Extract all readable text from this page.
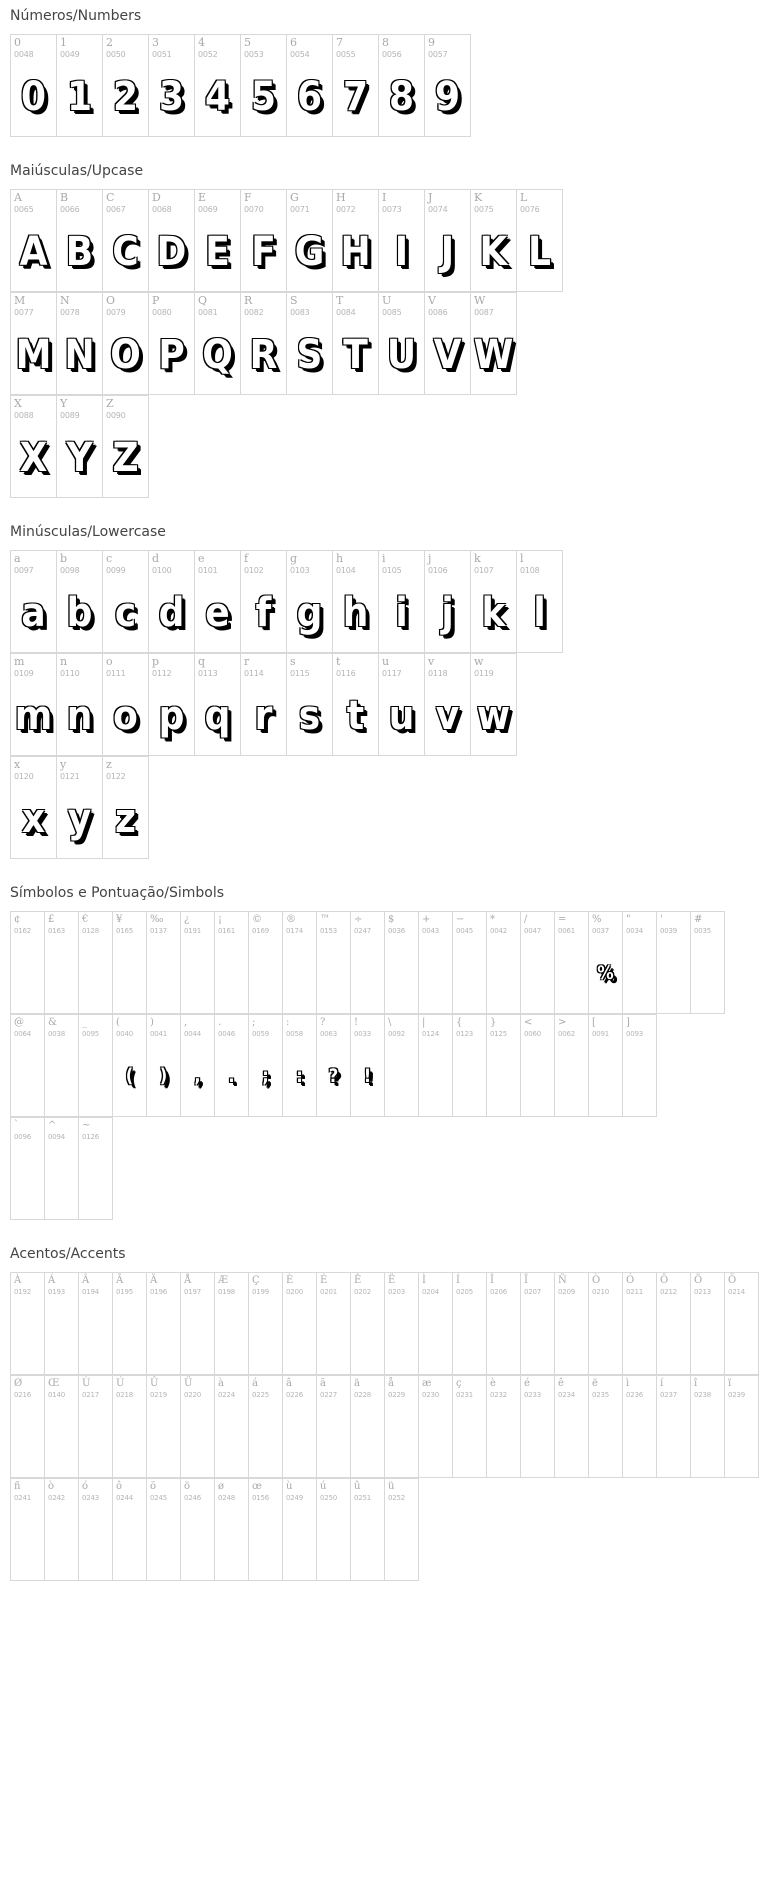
Números/Numbers
0
0048
0
1
0049
1
2
0050
2
3
0051
3
4
0052
4
5
0053
5
6
0054
6
7
0055
7
8
0056
8
9
0057
9
Maiúsculas/Upcase
A
0065
A
B
0066
B
C
0067
C
D
0068
D
E
0069
E
F
0070
F
G
0071
G
H
0072
H
I
0073
I
J
0074
J
K
0075
K
L
0076
L
M
0077
M
N
0078
N
O
0079
O
P
0080
P
Q
0081
Q
R
0082
R
S
0083
S
T
0084
T
U
0085
U
V
0086
V
W
0087
W
X
0088
X
Y
0089
Y
Z
0090
Z
Minúsculas/Lowercase
a
0097
a
b
0098
b
c
0099
c
d
0100
d
e
0101
e
f
0102
f
g
0103
g
h
0104
h
i
0105
i
j
0106
j
k
0107
k
l
0108
l
m
0109
m
n
0110
n
o
0111
o
p
0112
p
q
0113
q
r
0114
r
s
0115
s
t
0116
t
u
0117
u
v
0118
v
w
0119
w
x
0120
x
y
0121
y
z
0122
z
Símbolos e Pontuação/Simbols
¢
0162
£
0163
€
0128
¥
0165
‰
0137
¿
0191
¡
0161
©
0169
®
0174
™
0153
÷
0247
$
0036
+
0043
−
0045
*
0042
/
0047
=
0061
%
0037
%
"
0034
'
0039
#
0035
@
0064
&
0038
_
0095
(
0040
(
)
0041
)
,
0044
,
.
0046
.
;
0059
;
:
0058
:
?
0063
?
!
0033
!
\
0092
|
0124
{
0123
}
0125
<
0060
>
0062
[
0091
]
0093
`
0096
^
0094
~
0126
Acentos/Accents
À
0192
Á
0193
Â
0194
Ã
0195
Ä
0196
Å
0197
Æ
0198
Ç
0199
È
0200
É
0201
Ê
0202
Ë
0203
Ì
0204
Í
0205
Î
0206
Ï
0207
Ñ
0209
Ò
0210
Ó
0211
Ô
0212
Õ
0213
Ö
0214
Ø
0216
Œ
0140
Ù
0217
Ú
0218
Û
0219
Ü
0220
à
0224
á
0225
â
0226
ã
0227
ä
0228
å
0229
æ
0230
ç
0231
è
0232
é
0233
ê
0234
ë
0235
ì
0236
í
0237
î
0238
ï
0239
ñ
0241
ò
0242
ó
0243
ô
0244
õ
0245
ö
0246
ø
0248
œ
0156
ù
0249
ú
0250
û
0251
ü
0252
